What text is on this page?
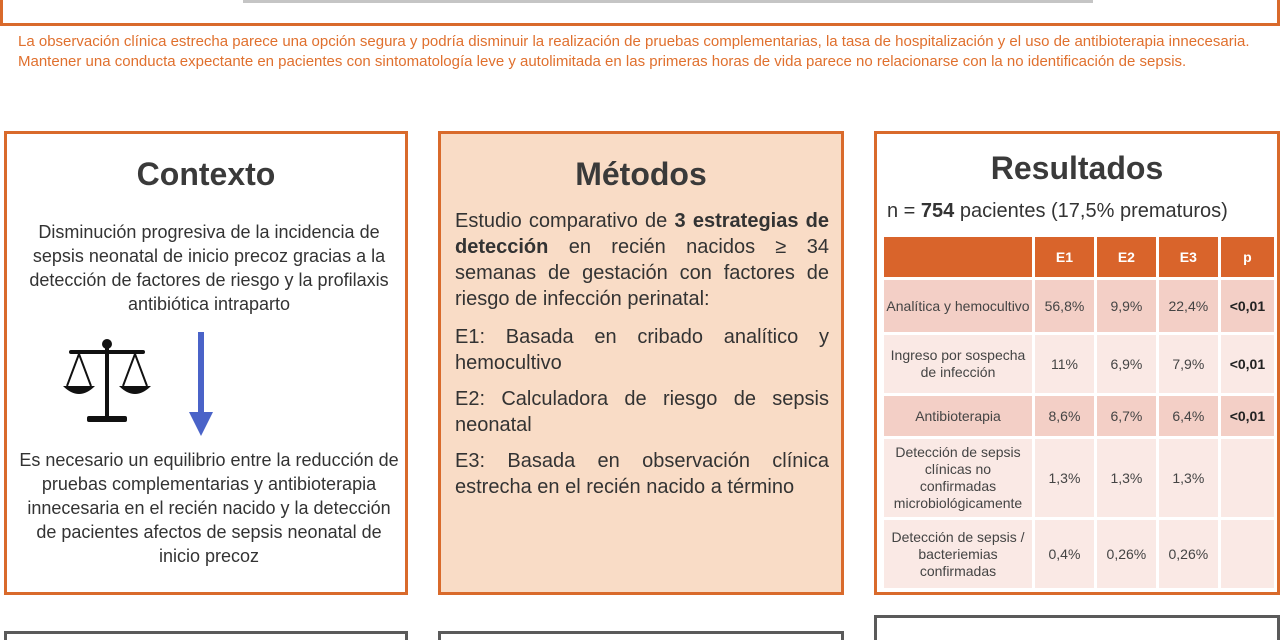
La observación clínica estrecha parece una opción segura y podría disminuir la realización de pruebas complementarias, la tasa de hospitalización y el uso de antibioterapia innecesaria.
Mantener una conducta expectante en pacientes con sintomatología leve y autolimitada en las primeras horas de vida parece no relacionarse con la no identificación de sepsis.
Contexto
Disminución progresiva de la incidencia de sepsis neonatal de inicio precoz gracias a la detección de factores de riesgo y la profilaxis antibiótica intraparto
Es necesario un equilibrio entre la reducción de pruebas complementarias y antibioterapia innecesaria en el recién nacido y la detección de pacientes afectos de sepsis neonatal de inicio precoz
Métodos

Estudio comparativo de 3 estrategias de detección en recién nacidos ≥ 34 semanas de gestación con factores de riesgo de infección perinatal:

E1: Basada en cribado analítico y hemocultivo

E2: Calculadora de riesgo de sepsis neonatal

E3: Basada en observación clínica estrecha en el recién nacido a término

Resultados
n = 754 pacientes (17,5% prematuros)
	E1	E2	E3	p
Analítica y hemocultivo	56,8%	9,9%	22,4%	<0,01
Ingreso por sospecha de infección	11%	6,9%	7,9%	<0,01
Antibioterapia	8,6%	6,7%	6,4%	<0,01
Detección de sepsis clínicas no confirmadas microbiológicamente	1,3%	1,3%	1,3%	
Detección de sepsis / bacteriemias confirmadas	0,4%	0,26%	0,26%	
